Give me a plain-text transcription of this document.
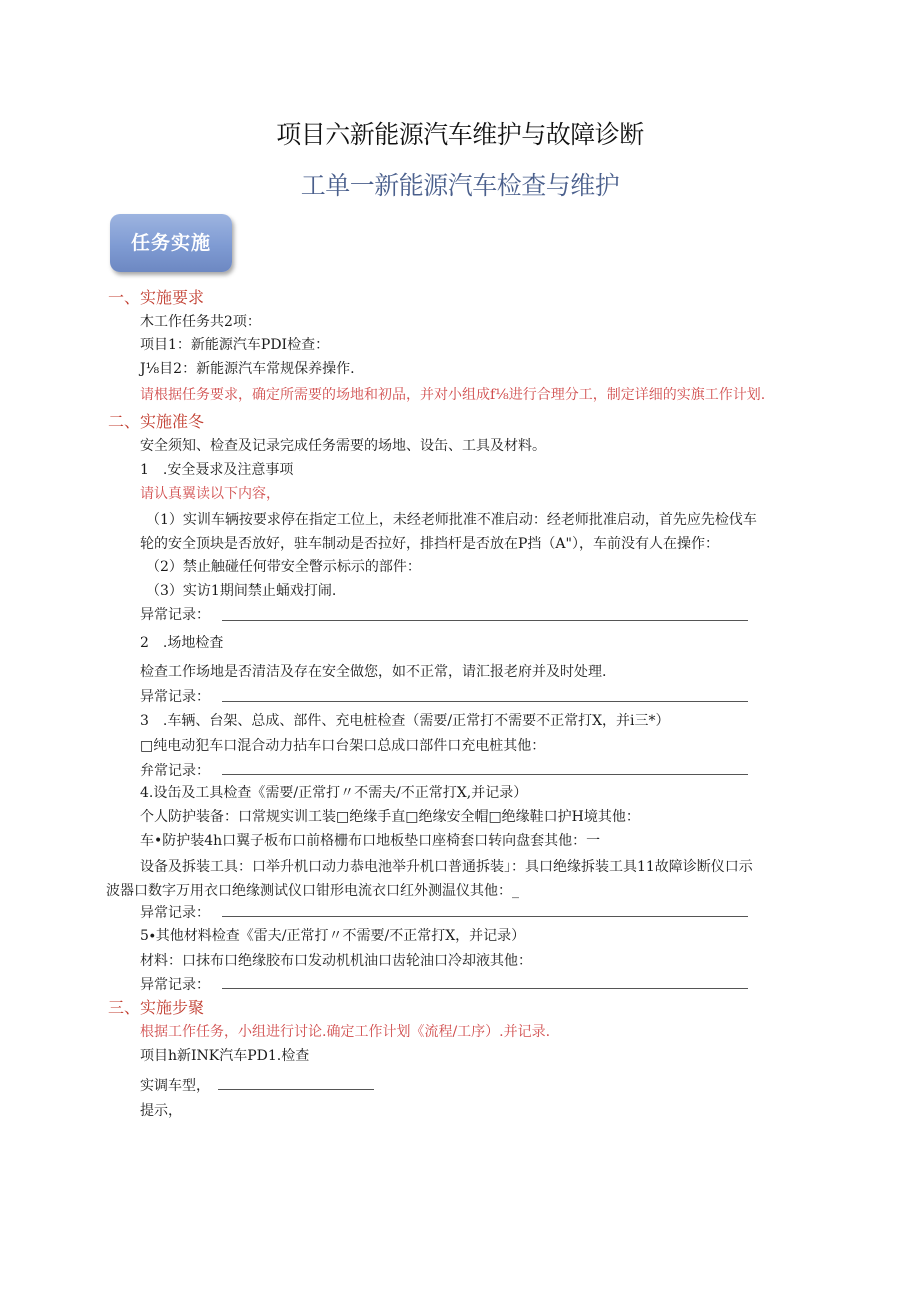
项目六新能源汽车维护与故障诊断
工单一新能源汽车检查与维护
任务实施
一、实施要求
木工作任务共2项：
项目1：新能源汽车PDI检查：
J⅛目2：新能源汽车常规保养操作.
请根据任务要求，确定所需要的场地和初品，并对小组成f⅛进行合理分工，制定详细的实旗工作计划.
二、实施准冬
安全须知、检查及记录完成任务需要的场地、设缶、工具及材料。
1　.安全聂求及注意事项
请认真翼读以下内容，
（1）实训车辆按要求停在指定工位上，未经老师批准不准启动：经老师批准启动，首先应先检伐车
轮的安全顶块是否放好，驻车制动是否拉好，排挡杆是否放在P挡（A"），车前没有人在操作：
（2）禁止触碰任何带安全瞥示标示的部件：
（3）实访1期间禁止蛹戏打闹.
异常记录：
2　.场地检査
检查工作场地是否清洁及存在安全做您，如不正常，请汇报老府并及时处理.
异常记录：
3　.车辆、台架、总成、部件、充电桩检查（需要/正常打不需要不正常打X，并i三*）
□纯电动犯车口混合动力拈车口台架口总成口部件口充电桩其他：
弁常记录：
4.设缶及工具检查《需要/正常打〃不需夫/不正常打X,并记录）
个人防护装备：口常规实训工装□绝缘手直□绝缘安全帽□绝缘鞋口护H境其他：
车•防护装4h口翼子板布口前格栅布口地板垫口座椅套口转向盘套其他：一
设备及拆装工具：口举升机口动力恭电池举升机口普通拆装」：具口绝缘拆装工具11故障诊断仪口示
波器口数字万用衣口绝缘测试仪口钳形电流衣口红外测温仪其他：_
异常记录：
5∙其他材料检查《雷夫/正常打〃不需要/不正常打X，并记录）
材料：口抹布口绝缘胶布口发动机机油口齿轮油口冷却液其他：
异常记录：
三、实施步聚
根据工作任务，小组进行讨论.确定工作计划《流程/工序）.并记录.
项目h新INK汽车PD1.检查
实调车型，
提示，
